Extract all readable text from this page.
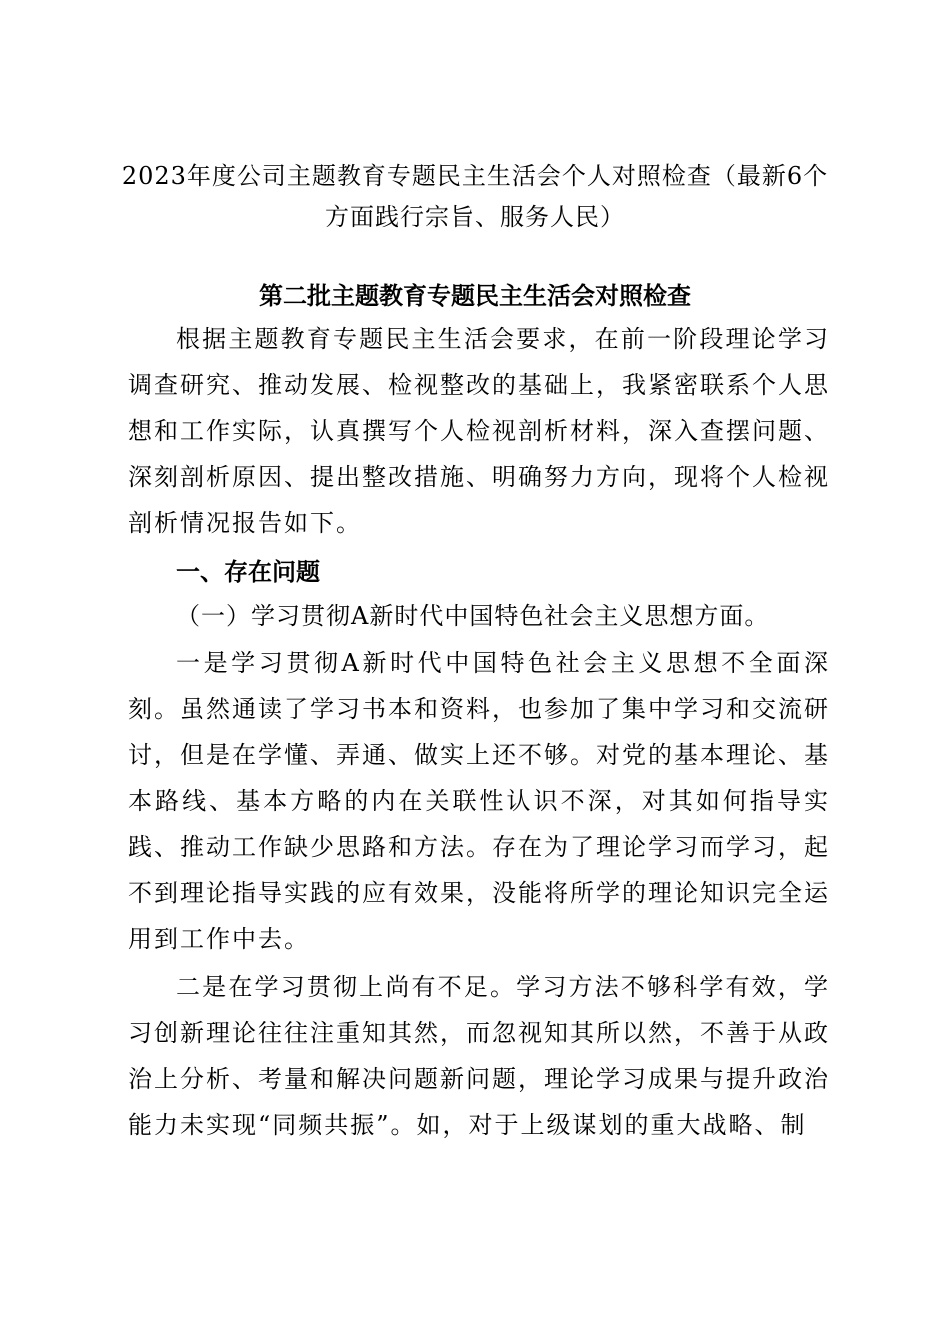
2023年度公司主题教育专题民主生活会个人对照检查（最新6个方面践行宗旨、服务人民）
第二批主题教育专题民主生活会对照检查

根据主题教育专题民主生活会要求，在前一阶段理论学习调查研究、推动发展、检视整改的基础上，我紧密联系个人思想和工作实际，认真撰写个人检视剖析材料，深入查摆问题、深刻剖析原因、提出整改措施、明确努力方向，现将个人检视剖析情况报告如下。

一、存在问题
（一）学习贯彻A新时代中国特色社会主义思想方面。

一是学习贯彻A新时代中国特色社会主义思想不全面深刻。虽然通读了学习书本和资料，也参加了集中学习和交流研讨，但是在学懂、弄通、做实上还不够。对党的基本理论、基本路线、基本方略的内在关联性认识不深，对其如何指导实践、推动工作缺少思路和方法。存在为了理论学习而学习，起不到理论指导实践的应有效果，没能将所学的理论知识完全运用到工作中去。

二是在学习贯彻上尚有不足。学习方法不够科学有效，学习创新理论往往注重知其然，而忽视知其所以然，不善于从政治上分析、考量和解决问题新问题，理论学习成果与提升政治能力未实现“同频共振”。如，对于上级谋划的重大战略、制
